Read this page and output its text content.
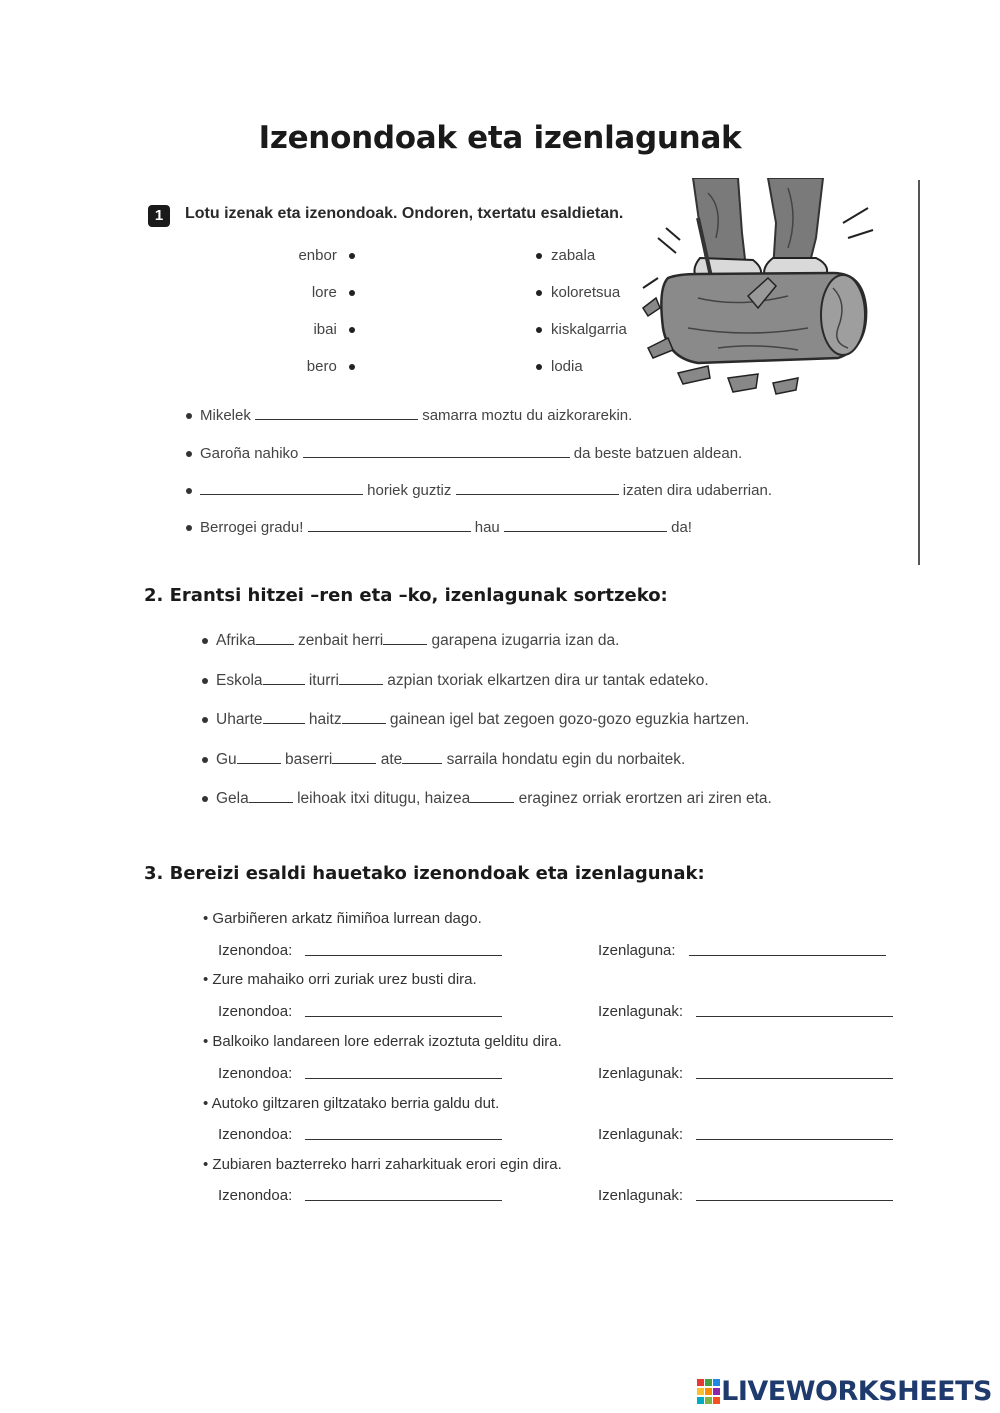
Izenondoak eta izenlagunak
1	Lotu izenak eta izenondoak. Ondoren, txertatu esaldietan.
enbor
lore
ibai
bero
zabala
koloretsua
kiskalgarria
lodia
Mikelek	samarra moztu du aizkorarekin.
Garoña nahiko	da beste batzuen aldean.
horiek guztiz	izaten dira udaberrian.
Berrogei gradu!	hau	da!
2. Erantsi hitzei –ren eta –ko, izenlagunak sortzeko:
Afrika	zenbait herri	garapena izugarria izan da.
Eskola	iturri	azpian txoriak elkartzen dira ur tantak edateko.
Uharte	haitz	gainean igel bat zegoen gozo-gozo eguzkia hartzen.
Gu	baserri	ate	sarraila hondatu egin du norbaitek.
Gela	leihoak itxi ditugu, haizea	eraginez orriak erortzen ari ziren eta.
3. Bereizi esaldi hauetako izenondoak eta izenlagunak:
• Garbiñeren arkatz ñimiñoa lurrean dago.
Izenondoa:	Izenlaguna:
• Zure mahaiko orri zuriak urez busti dira.
Izenondoa:	Izenlagunak:
• Balkoiko landareen lore ederrak izoztuta gelditu dira.
Izenondoa:	Izenlagunak:
• Autoko giltzaren giltzatako berria galdu dut.
Izenondoa:	Izenlagunak:
• Zubiaren bazterreko harri zaharkituak erori egin dira.
Izenondoa:	Izenlagunak:
LIVEWORKSHEETS
